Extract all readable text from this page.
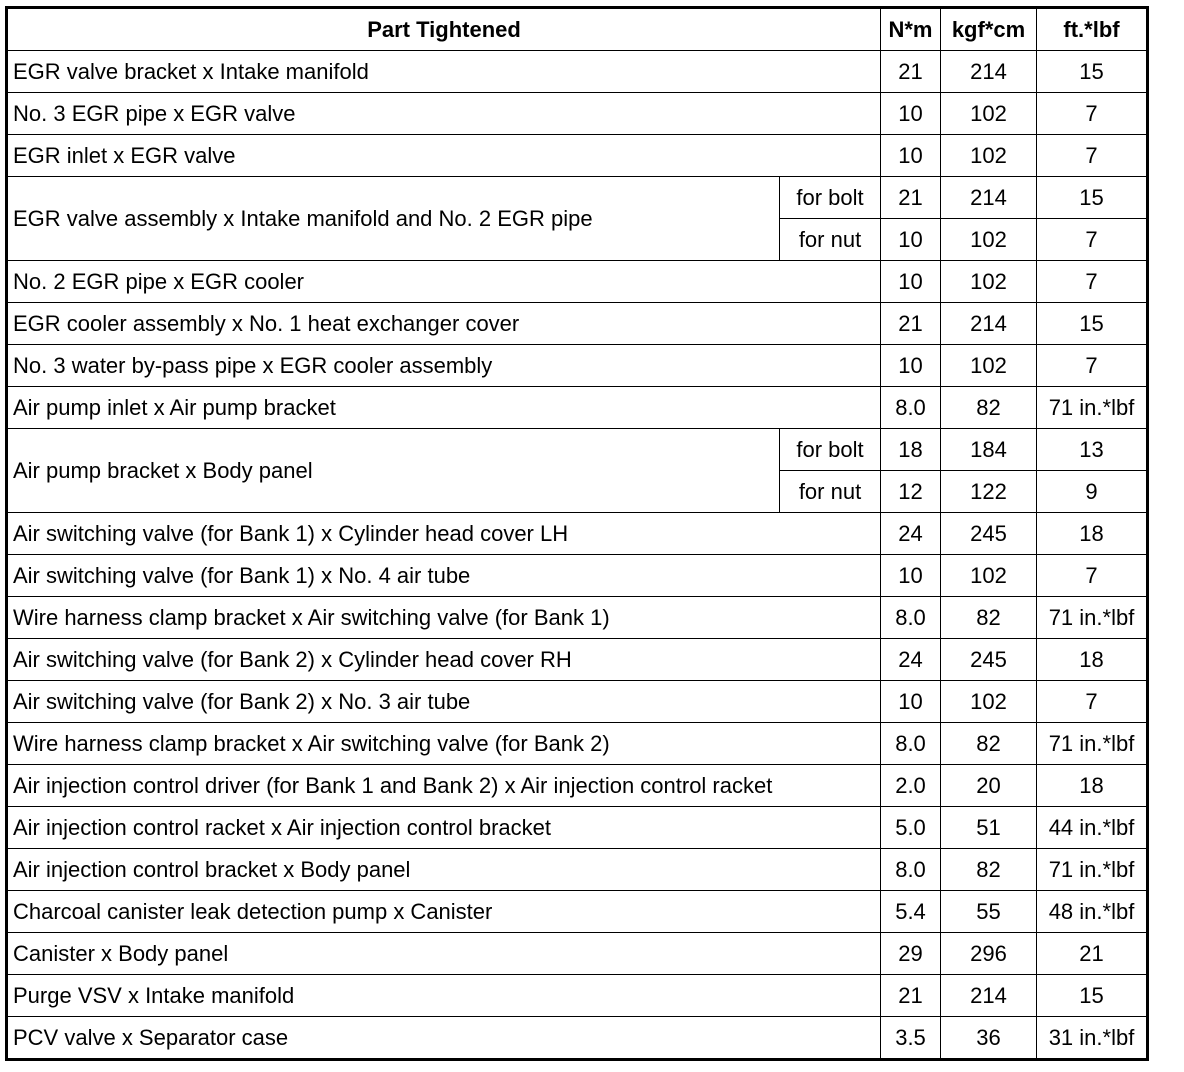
Part Tightened		N*m	kgf*cm	ft.*lbf
EGR valve bracket x Intake manifold		21	214	15
No. 3 EGR pipe x EGR valve		10	102	7
EGR inlet x EGR valve		10	102	7
EGR valve assembly x Intake manifold and No. 2 EGR pipe	for bolt	21	214	15
	for nut	10	102	7
No. 2 EGR pipe x EGR cooler		10	102	7
EGR cooler assembly x No. 1 heat exchanger cover		21	214	15
No. 3 water by-pass pipe x EGR cooler assembly		10	102	7
Air pump inlet x Air pump bracket		8.0	82	71 in.*lbf
Air pump bracket x Body panel	for bolt	18	184	13
	for nut	12	122	9
Air switching valve (for Bank 1) x Cylinder head cover LH		24	245	18
Air switching valve (for Bank 1) x No. 4 air tube		10	102	7
Wire harness clamp bracket x Air switching valve (for Bank 1)		8.0	82	71 in.*lbf
Air switching valve (for Bank 2) x Cylinder head cover RH		24	245	18
Air switching valve (for Bank 2) x No. 3 air tube		10	102	7
Wire harness clamp bracket x Air switching valve (for Bank 2)		8.0	82	71 in.*lbf
Air injection control driver (for Bank 1 and Bank 2) x Air injection control racket		2.0	20	18
Air injection control racket x Air injection control bracket		5.0	51	44 in.*lbf
Air injection control bracket x Body panel		8.0	82	71 in.*lbf
Charcoal canister leak detection pump x Canister		5.4	55	48 in.*lbf
Canister x Body panel		29	296	21
Purge VSV x Intake manifold		21	214	15
PCV valve x Separator case		3.5	36	31 in.*lbf
